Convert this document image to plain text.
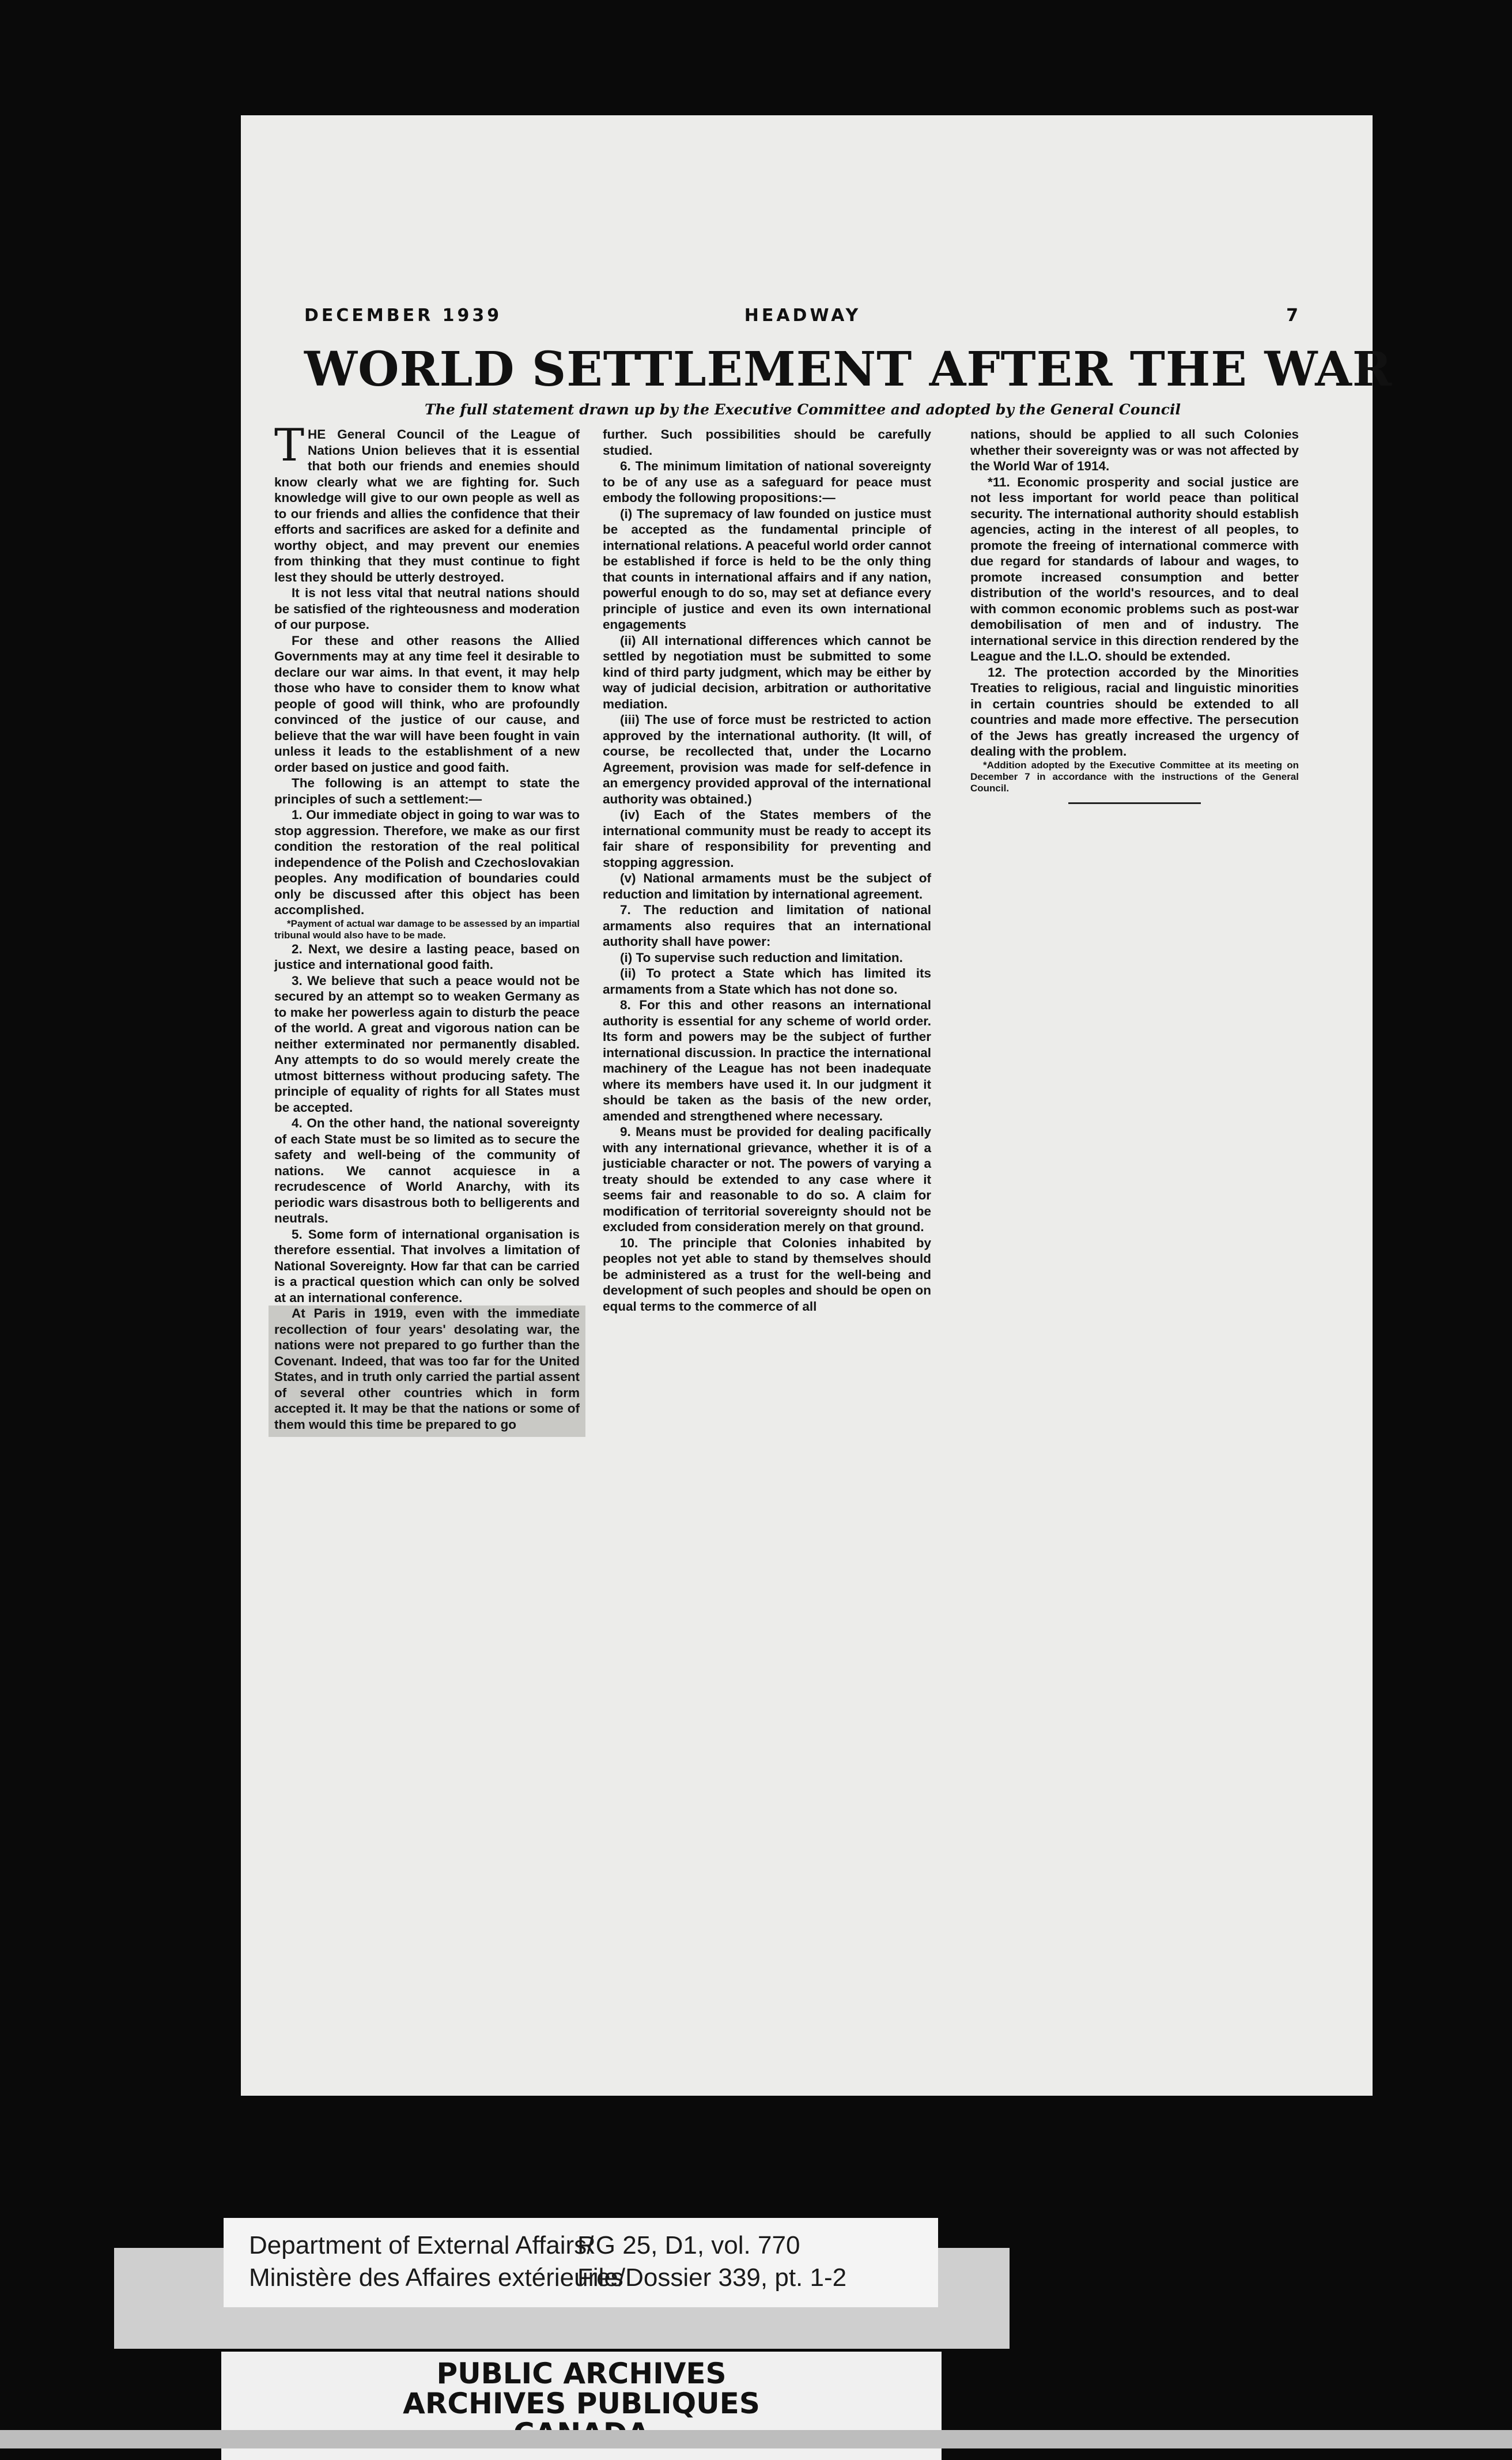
DECEMBER 1939	HEADWAY	7
WORLD SETTLEMENT AFTER THE WAR
The full statement drawn up by the Executive Committee and adopted by the General Council

THE General Council of the League of Nations Union believes that it is essential that both our friends and enemies should know clearly what we are fighting for. Such knowledge will give to our own people as well as to our friends and allies the confidence that their efforts and sacrifices are asked for a definite and worthy object, and may prevent our enemies from thinking that they must continue to fight lest they should be utterly destroyed.

It is not less vital that neutral nations should be satisfied of the righteousness and moderation of our purpose.

For these and other reasons the Allied Governments may at any time feel it desirable to declare our war aims. In that event, it may help those who have to consider them to know what people of good will think, who are profoundly convinced of the justice of our cause, and believe that the war will have been fought in vain unless it leads to the establishment of a new order based on justice and good faith.

The following is an attempt to state the principles of such a settlement:—

1. Our immediate object in going to war was to stop aggression. Therefore, we make as our first condition the restoration of the real political independence of the Polish and Czechoslovakian peoples. Any modification of boundaries could only be discussed after this object has been accomplished.

*Payment of actual war damage to be assessed by an impartial tribunal would also have to be made.

2. Next, we desire a lasting peace, based on justice and international good faith.

3. We believe that such a peace would not be secured by an attempt so to weaken Germany as to make her powerless again to disturb the peace of the world. A great and vigorous nation can be neither exterminated nor permanently disabled. Any attempts to do so would merely create the utmost bitterness without producing safety. The principle of equality of rights for all States must be accepted.

4. On the other hand, the national sovereignty of each State must be so limited as to secure the safety and well-being of the community of nations. We cannot acquiesce in a recrudescence of World Anarchy, with its periodic wars disastrous both to belligerents and neutrals.

5. Some form of international organisation is therefore essential. That involves a limitation of National Sovereignty. How far that can be carried is a practical question which can only be solved at an international conference.

At Paris in 1919, even with the immediate recollection of four years' desolating war, the nations were not prepared to go further than the Covenant. Indeed, that was too far for the United States, and in truth only carried the partial assent of several other countries which in form accepted it. It may be that the nations or some of them would this time be prepared to go

further. Such possibilities should be carefully studied.

6. The minimum limitation of national sovereignty to be of any use as a safeguard for peace must embody the following propositions:—

(i) The supremacy of law founded on justice must be accepted as the fundamental principle of international relations. A peaceful world order cannot be established if force is held to be the only thing that counts in international affairs and if any nation, powerful enough to do so, may set at defiance every principle of justice and even its own international engagements

(ii) All international differences which cannot be settled by negotiation must be submitted to some kind of third party judgment, which may be either by way of judicial decision, arbitration or authoritative mediation.

(iii) The use of force must be restricted to action approved by the international authority. (It will, of course, be recollected that, under the Locarno Agreement, provision was made for self-defence in an emergency provided approval of the international authority was obtained.)

(iv) Each of the States members of the international community must be ready to accept its fair share of responsibility for preventing and stopping aggression.

(v) National armaments must be the subject of reduction and limitation by international agreement.

7. The reduction and limitation of national armaments also requires that an international authority shall have power:

(i) To supervise such reduction and limitation.

(ii) To protect a State which has limited its armaments from a State which has not done so.

8. For this and other reasons an international authority is essential for any scheme of world order. Its form and powers may be the subject of further international discussion. In practice the international machinery of the League has not been inadequate where its members have used it. In our judgment it should be taken as the basis of the new order, amended and strengthened where necessary.

9. Means must be provided for dealing pacifically with any international grievance, whether it is of a justiciable character or not. The powers of varying a treaty should be extended to any case where it seems fair and reasonable to do so. A claim for modification of territorial sovereignty should not be excluded from consideration merely on that ground.

10. The principle that Colonies inhabited by peoples not yet able to stand by themselves should be administered as a trust for the well-being and development of such peoples and should be open on equal terms to the commerce of all

nations, should be applied to all such Colonies whether their sovereignty was or was not affected by the World War of 1914.

*11. Economic prosperity and social justice are not less important for world peace than political security. The international authority should establish agencies, acting in the interest of all peoples, to promote the freeing of international commerce with due regard for standards of labour and wages, to promote increased consumption and better distribution of the world's resources, and to deal with common economic problems such as post-war demobilisation of men and of industry. The international service in this direction rendered by the League and the I.L.O. should be extended.

12. The protection accorded by the Minorities Treaties to religious, racial and linguistic minorities in certain countries should be extended to all countries and made more effective. The persecution of the Jews has greatly increased the urgency of dealing with the problem.

*Addition adopted by the Executive Committee at its meeting on December 7 in accordance with the instructions of the General Council.

Department of External Affairs/
Ministère des Affaires extérieures
RG 25, D1, vol. 770
File/Dossier 339, pt. 1-2
PUBLIC ARCHIVES
ARCHIVES PUBLIQUES
